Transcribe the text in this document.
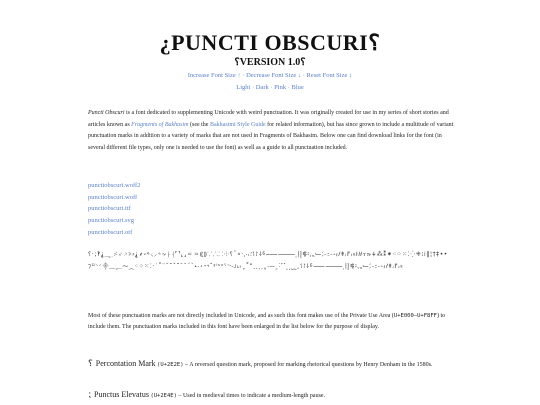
¿PUNCTI OBSCURI⸮
⸮VERSION 1.0⸮
Increase Font Size ↑ · Decrease Font Size ↓ · Reset Font Size ↕
Light · Dark · Pink · Blue

Puncti Obscuri is a font dedicated to supplementing Unicode with weird punctuation. It was originally created for use in my series of short stories and articles known as Fragments of Bakhasim (see the Bakhasimi Style Guide for related information), but has since grown to include a multitude of variant punctuation marks in addition to a variety of marks that are not used in Fragments of Bakhasim. Below one can find download links for the font (in several different file types, only one is needed to use the font) as well as a guide to all punctuation included.

punctiobscuri.woff2
punctiobscuri.woff
punctiobscuri.ttf
punctiobscuri.svg
punctiobscuri.otf
⸮·⁏‽⸘⸑⸒⸓⸔⸕⸖⸗⸘⸙⸚⸛⸜⸝⸞⸟⸠⸡⸢⸣⸤⸥⸦⸧⸨⸩⸪⸫⸬⸭⸮ⸯ⸰⸱⸲⸳⸴⸵⸶⸷⸸⸹⸺⸻⸼⸽⸾⸿⹀⹁⹂⹃⹄⹅⹆⹇⹈⹉⹊⹋⹌⹍⹎⹏꛳꛴꛵꛶꛷⁂⁑⁕⁖⁘⁙⁚⁛⁜⁝⁞‖¦†‡•‣
⁊⸋⸌⸍⸎⸏⸐⁓⁔⁖⁘⁙⁚·˙˚¨˝˘ˇ˜¯ˉˊˋ˖˗˔˕˞˟ˠˡˢˣˤ˥˦˧˨˩˪˫ˬ˭ˮ˯˰˱˲˳˴˵˶˷˸˹˺˻˼˽˾˿⸶⸷⸸⸹⸺⸻⸼⸽⸾⸿⹀⹁⹂⹃⹄⹅⹆⹇⹈⹉⹊⹋⹌⹍⹎⹏

Most of these punctuation marks are not directly included in Unicode, and as such this font makes use of the Private Use Area (U+E000–U+F8FF) to include them. The punctuation marks included in this font have been enlarged in the list below for the purpose of display.

⸮ Percontation Mark (U+2E2E) – A reversed question mark, proposed for marking rhetorical questions by Henry Denham in the 1580s.
⁏ Punctus Elevatus (U+2E4E) – Used in medieval times to indicate a medium-length pause.
